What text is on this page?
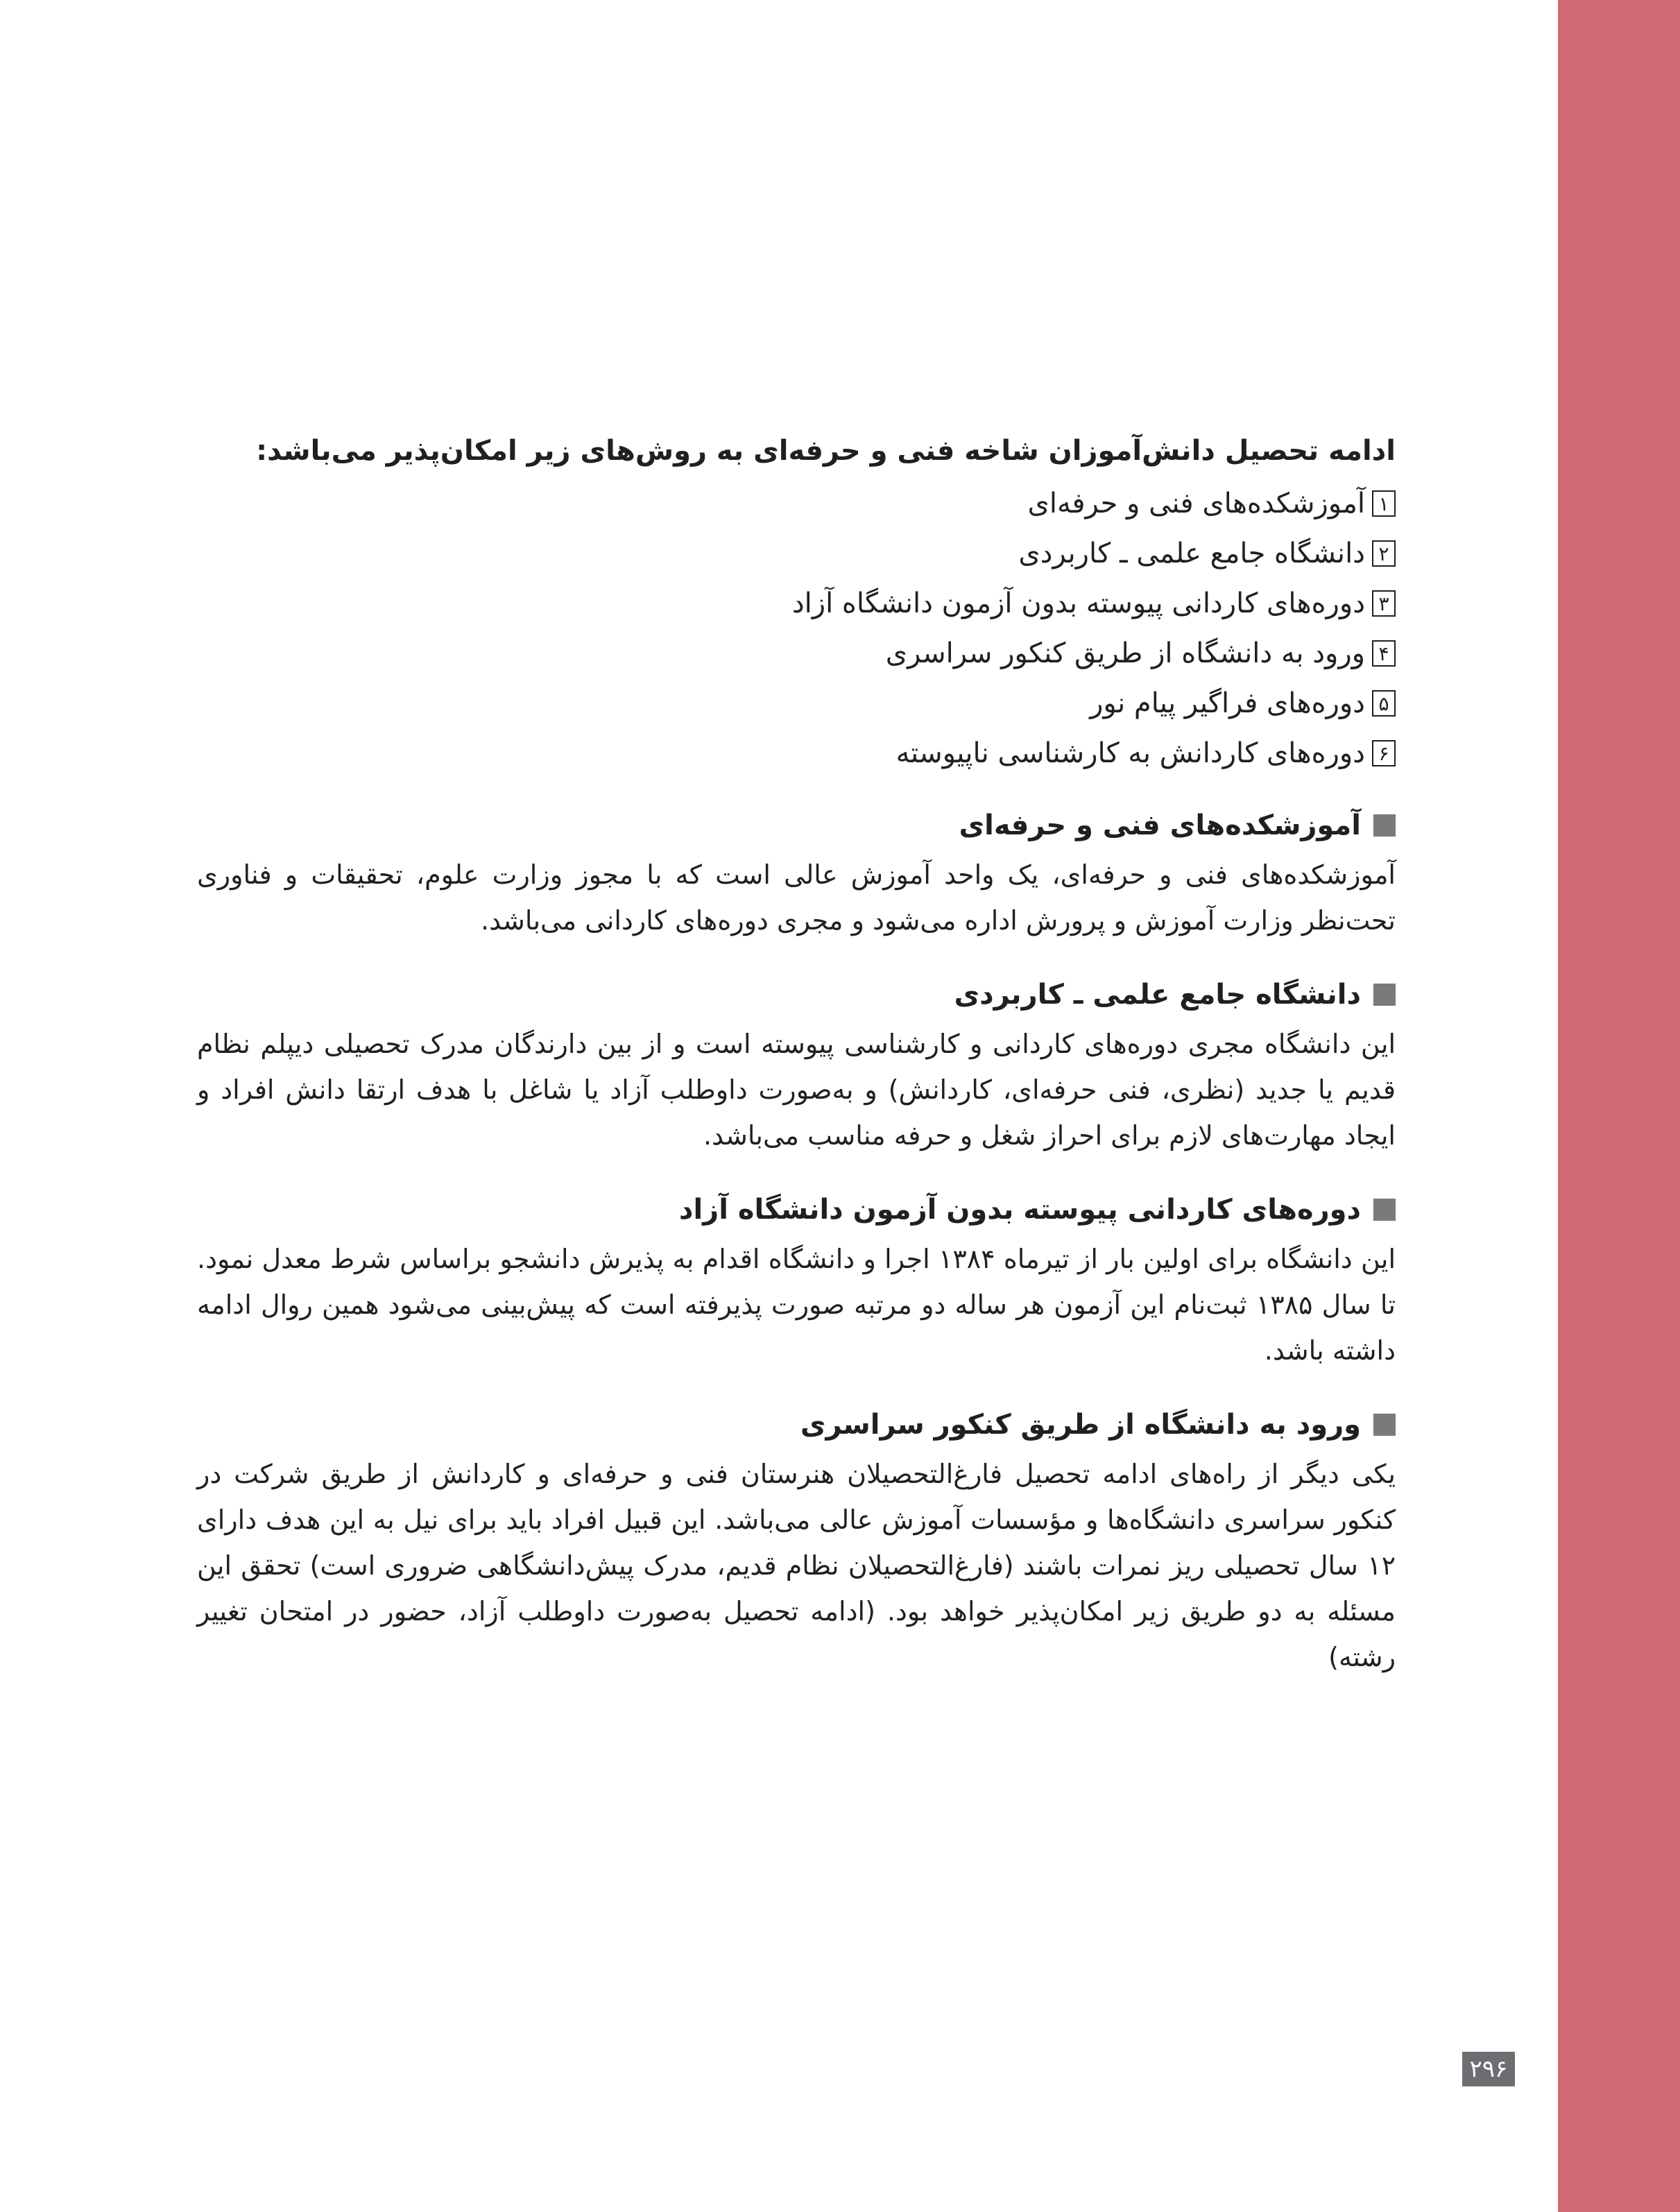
ادامه تحصیل دانش‌آموزان شاخه فنی و حرفه‌ای به روش‌های زیر امکان‌پذیر می‌باشد:
۱
آموزشکده‌های فنی و حرفه‌ای
۲
دانشگاه جامع علمی ـ کاربردی
۳
دوره‌های کاردانی پیوسته بدون آزمون دانشگاه آزاد
۴
ورود به دانشگاه از طریق کنکور سراسری
۵
دوره‌های فراگیر پیام نور
۶
دوره‌های کاردانش به کارشناسی ناپیوسته
آموزشکده‌های فنی و حرفه‌ای

آموزشکده‌های فنی و حرفه‌ای، یک واحد آموزش عالی است که با مجوز وزارت علوم، تحقیقات و فناوری تحت‌نظر وزارت آموزش و پرورش اداره می‌شود و مجری دوره‌های کاردانی می‌باشد.

دانشگاه جامع علمی ـ کاربردی

این دانشگاه مجری دوره‌های کاردانی و کارشناسی پیوسته است و از بین دارندگان مدرک تحصیلی دیپلم نظام قدیم یا جدید (نظری، فنی حرفه‌ای، کاردانش) و به‌صورت داوطلب آزاد یا شاغل با هدف ارتقا دانش افراد و ایجاد مهارت‌های لازم برای احراز شغل و حرفه مناسب می‌باشد.

دوره‌های کاردانی پیوسته بدون آزمون دانشگاه آزاد

این دانشگاه برای اولین بار از تیرماه ۱۳۸۴ اجرا و دانشگاه اقدام به پذیرش دانشجو براساس شرط معدل نمود. تا سال ۱۳۸۵ ثبت‌نام این آزمون هر ساله دو مرتبه صورت پذیرفته است که پیش‌بینی می‌شود همین روال ادامه داشته باشد.

ورود به دانشگاه از طریق کنکور سراسری

یکی دیگر از راه‌های ادامه تحصیل فارغ‌التحصیلان هنرستان فنی و حرفه‌ای و کاردانش از طریق شرکت در کنکور سراسری دانشگاه‌ها و مؤسسات آموزش عالی می‌باشد. این قبیل افراد باید برای نیل به این هدف دارای ۱۲ سال تحصیلی ریز نمرات باشند (فارغ‌التحصیلان نظام قدیم، مدرک پیش‌دانشگاهی ضروری است) تحقق این مسئله به دو طریق زیر امکان‌پذیر خواهد بود. (ادامه تحصیل به‌صورت داوطلب آزاد، حضور در امتحان تغییر رشته)

۲۹۶
